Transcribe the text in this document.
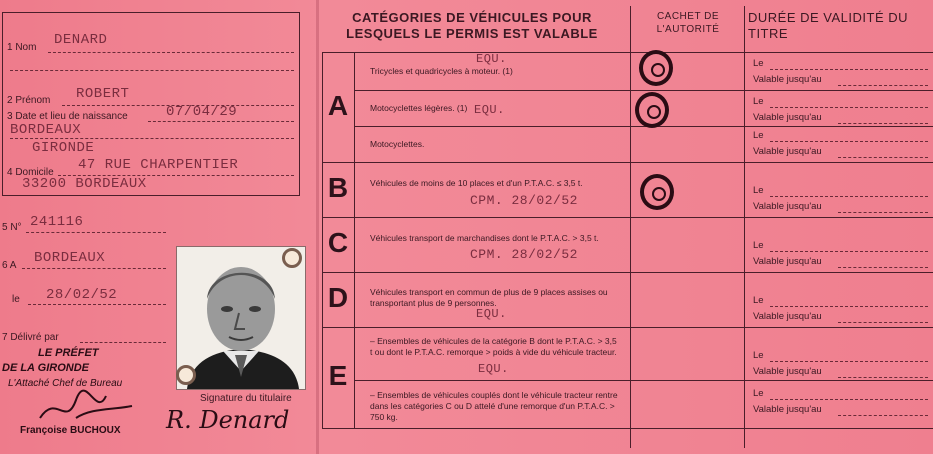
1 Nom DENARD
2 Prénom ROBERT
3 Date et lieu de naissance	07/04/29
BORDEAUX
GIRONDE
4 Domicile 47 RUE CHARPENTIER
33200 BORDEAUX
5 N° 241116
6 A BORDEAUX
le 28/02/52
7 Délivré par
LE PRÉFET
DE LA GIRONDE
L'Attaché Chef de Bureau
Françoise BUCHOUX
Signature du titulaire
R. Denard
CATÉGORIES DE VÉHICULES POUR LESQUELS LE PERMIS EST VALABLE
CACHET DE L'AUTORITÉ
DURÉE DE VALIDITÉ DU TITRE
A
B
C
D
E
Tricycles et quadricycles à moteur. (1)
Motocyclettes légères. (1)
Motocyclettes.
Véhicules de moins de 10 places et d'un P.T.A.C. ≤ 3,5 t.
Véhicules transport de marchandises dont le P.T.A.C. > 3,5 t.
Véhicules transport en commun de plus de 9 places assises ou transportant plus de 9 personnes.
– Ensembles de véhicules de la catégorie B dont le P.T.A.C. > 3,5 t ou dont le P.T.A.C. remorque > poids à vide du véhicule tracteur.
– Ensembles de véhicules couplés dont le véhicule tracteur rentre dans les catégories C ou D attelé d'une remorque d'un P.T.A.C. > 750 kg.
EQU.
EQU.
CPM. 28/02/52
CPM. 28/02/52
EQU.
EQU.
Le
Valable jusqu'au
Le
Valable jusqu'au
Le
Valable jusqu'au
Le
Valable jusqu'au
Le
Valable jusqu'au
Le
Valable jusqu'au
Le
Valable jusqu'au
Le
Valable jusqu'au
